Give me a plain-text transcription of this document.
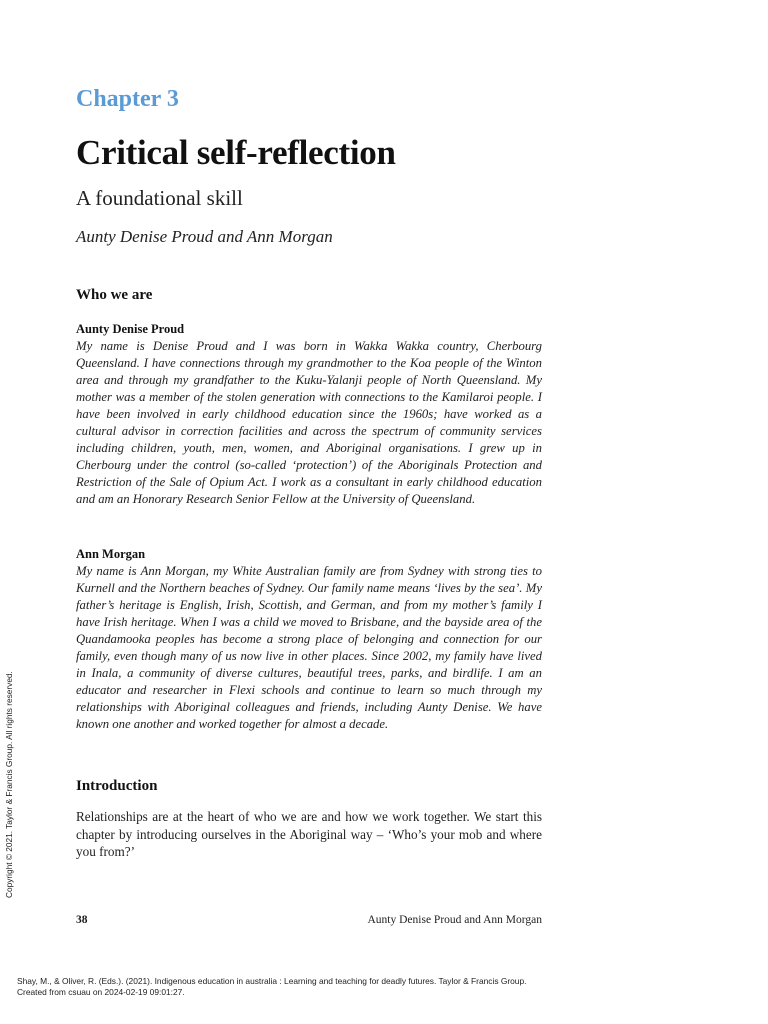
Chapter 3
Critical self-reflection
A foundational skill
Aunty Denise Proud and Ann Morgan
Who we are
Aunty Denise Proud

My name is Denise Proud and I was born in Wakka Wakka country, Cherbourg Queensland. I have connections through my grandmother to the Koa people of the Winton area and through my grandfather to the Kuku-Yalanji people of North Queensland. My mother was a member of the stolen generation with connections to the Kamilaroi people. I have been involved in early childhood education since the 1960s; have worked as a cultural advisor in correction facilities and across the spectrum of community services including children, youth, men, women, and Aboriginal organisations. I grew up in Cherbourg under the control (so-called ‘protection’) of the Aboriginals Protection and Restriction of the Sale of Opium Act. I work as a consultant in early childhood education and am an Honorary Research Senior Fellow at the University of Queensland.

Ann Morgan

My name is Ann Morgan, my White Australian family are from Sydney with strong ties to Kurnell and the Northern beaches of Sydney. Our family name means ‘lives by the sea’. My father’s heritage is English, Irish, Scottish, and German, and from my mother’s family I have Irish heritage. When I was a child we moved to Brisbane, and the bayside area of the Quandamooka peoples has become a strong place of belonging and connection for our family, even though many of us now live in other places. Since 2002, my family have lived in Inala, a community of diverse cultures, beautiful trees, parks, and birdlife. I am an educator and researcher in Flexi schools and continue to learn so much through my relationships with Aboriginal colleagues and friends, including Aunty Denise. We have known one another and worked together for almost a decade.

Introduction

Relationships are at the heart of who we are and how we work together. We start this chapter by introducing ourselves in the Aboriginal way – ‘Who’s your mob and where you from?’

38	Aunty Denise Proud and Ann Morgan
Copyright © 2021. Taylor & Francis Group. All rights reserved.
Shay, M., & Oliver, R. (Eds.). (2021). Indigenous education in australia : Learning and teaching for deadly futures. Taylor & Francis Group.
Created from csuau on 2024-02-19 09:01:27.
